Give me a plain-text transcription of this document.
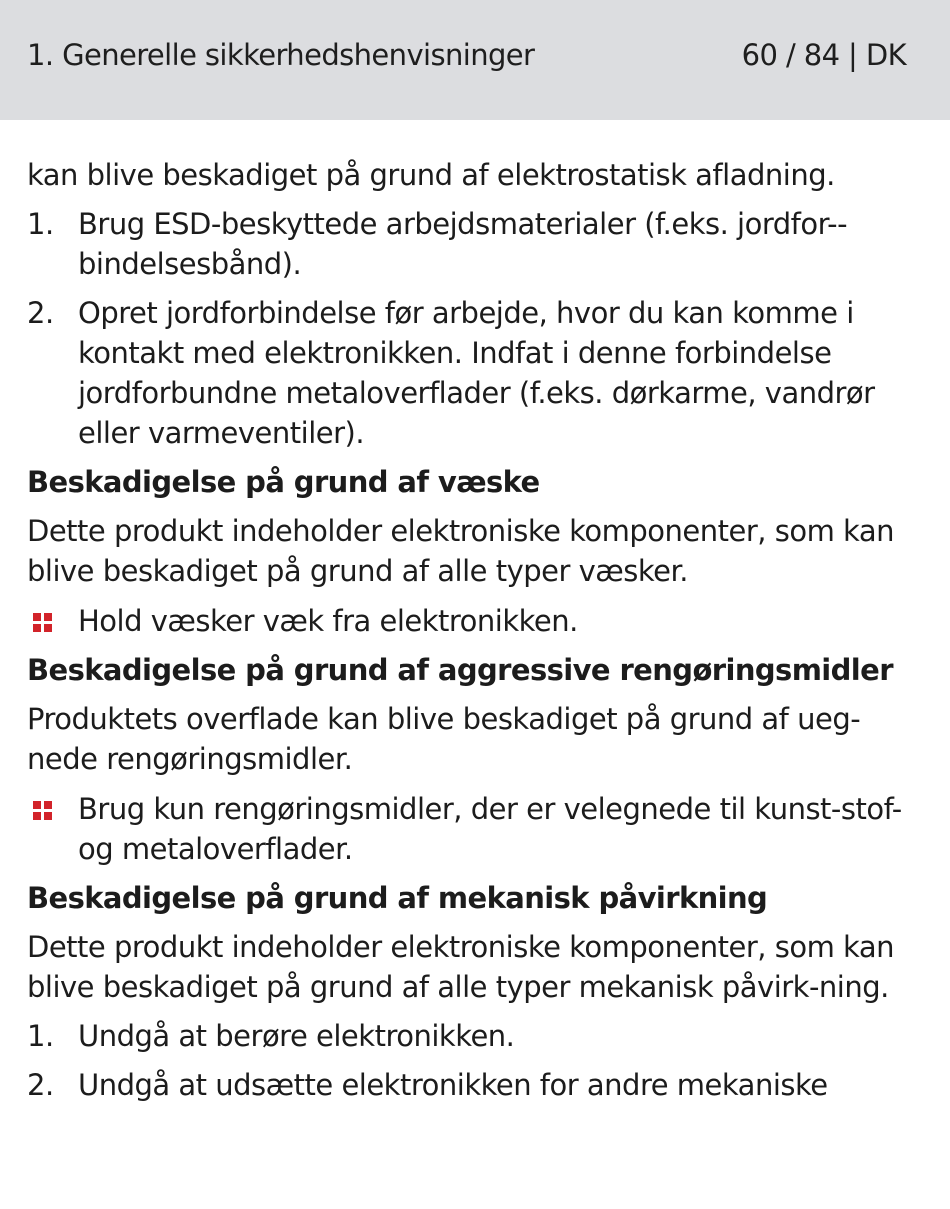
1. Generelle sikkerhedshenvisninger	60 / 84 | DK

kan blive beskadiget på grund af elektrostatisk afladning.

1. Brug ESD-beskyttede arbejdsmaterialer (f.eks. jordfor-bindelsesbånd).
2. Opret jordforbindelse før arbejde, hvor du kan komme i kontakt med elektronikken. Indfat i denne forbindelse jordforbundne metaloverflader (f.eks. dørkarme, vandrør eller varmeventiler).
Beskadigelse på grund af væske

Dette produkt indeholder elektroniske komponenter, som kan blive beskadiget på grund af alle typer væsker.

Hold væsker væk fra elektronikken.
Beskadigelse på grund af aggressive rengøringsmidler

Produktets overflade kan blive beskadiget på grund af ueg-nede rengøringsmidler.

Brug kun rengøringsmidler, der er velegnede til kunst-stof- og metaloverflader.
Beskadigelse på grund af mekanisk påvirkning

Dette produkt indeholder elektroniske komponenter, som kan blive beskadiget på grund af alle typer mekanisk påvirk-ning.

1. Undgå at berøre elektronikken.
2. Undgå at udsætte elektronikken for andre mekaniske
